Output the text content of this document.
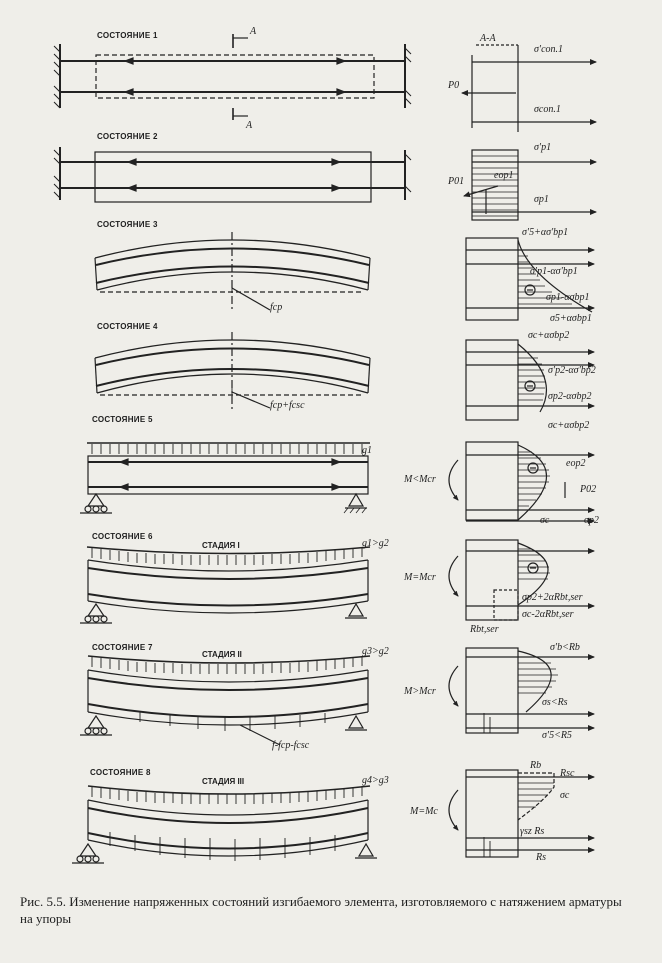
СОСТОЯНИЕ 1
СОСТОЯНИЕ 2
СОСТОЯНИЕ 3
СОСТОЯНИЕ 4
СОСТОЯНИЕ 5
СОСТОЯНИЕ 6
СТАДИЯ I
СОСТОЯНИЕ 7
СТАДИЯ II
СОСТОЯНИЕ 8
СТАДИЯ III
A
A
A-A
σ'con.1
σcon.1
P0
σ'p1
eop1
P01
σp1
σ'5+ασ'bp1
σ'p1-ασ'bp1
σp1-ασbp1
σ5+ασbp1
fcp
σc+ασbp2
σ'p2-ασ'bp2
σp2-ασbp2
σc+ασbp2
fcp+fcsc
g1
M<Mcr
eop2
P02
σc	σp2
g1>g2
M=Mcr
σp2+2αRbt,ser
σc-2αRbt,ser
Rbt,ser
g3>g2
M>Mcr
σ'b<Rb
σs<Rs
σ'5<R5
f-fcp-fcsc
g4>g3
M=Mc
Rb
Rsc
σc
γsz Rs
Rs
Рис. 5.5. Изменение напряженных состояний изгибаемого элемента, изготовляемого с натяжением арматуры на упоры
